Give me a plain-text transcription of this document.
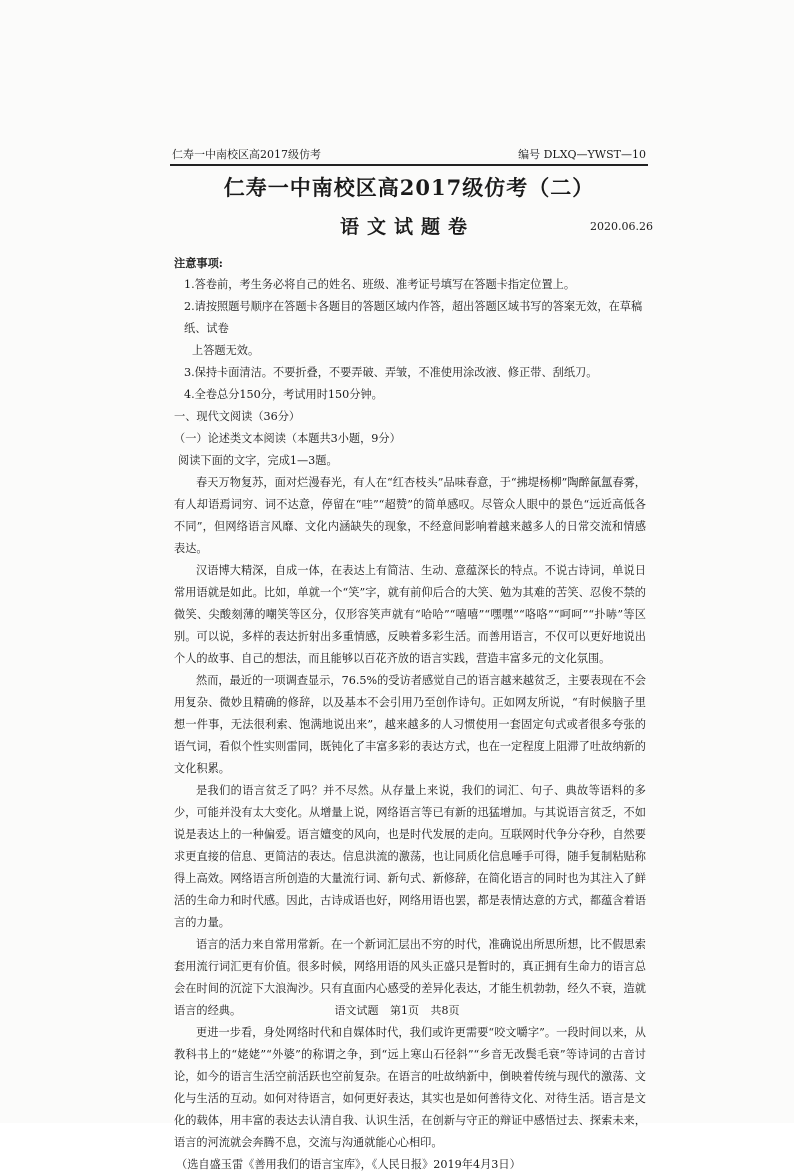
仁寿一中南校区高2017级仿考	编号 DLXQ—YWST—10
仁寿一中南校区高2017级仿考（二）
语文试题卷	2020.06.26

注意事项:

1.答卷前，考生务必将自己的姓名、班级、准考证号填写在答题卡指定位置上。

2.请按照题号顺序在答题卡各题目的答题区域内作答，超出答题区域书写的答案无效，在草稿纸、试卷

上答题无效。

3.保持卡面清洁。不要折叠，不要弄破、弄皱，不准使用涂改液、修正带、刮纸刀。

4.全卷总分150分，考试用时150分钟。

一、现代文阅读（36分）

（一）论述类文本阅读（本题共3小题，9分）

阅读下面的文字，完成1—3题。

春天万物复苏，面对烂漫春光，有人在“红杏枝头”品味春意，于“拂堤杨柳”陶醉氤氲春雾，有人却语焉词穷、词不达意，停留在“哇”“超赞”的简单感叹。尽管众人眼中的景色“远近高低各不同”，但网络语言风靡、文化内涵缺失的现象，不经意间影响着越来越多人的日常交流和情感表达。

汉语博大精深，自成一体，在表达上有简洁、生动、意蕴深长的特点。不说古诗词，单说日常用语就是如此。比如，单就一个“笑”字，就有前仰后合的大笑、勉为其难的苦笑、忍俊不禁的微笑、尖酸刻薄的嘲笑等区分，仅形容笑声就有“哈哈”“嘻嘻”“嘿嘿”“咯咯”“呵呵”“扑哧”等区别。可以说，多样的表达折射出多重情感，反映着多彩生活。而善用语言，不仅可以更好地说出个人的故事、自己的想法，而且能够以百花齐放的语言实践，营造丰富多元的文化氛围。

然而，最近的一项调查显示，76.5%的受访者感觉自己的语言越来越贫乏，主要表现在不会用复杂、微妙且精确的修辞，以及基本不会引用乃至创作诗句。正如网友所说，“有时候脑子里想一件事，无法很利索、饱满地说出来”，越来越多的人习惯使用一套固定句式或者很多夸张的语气词，看似个性实则雷同，既钝化了丰富多彩的表达方式，也在一定程度上阻滞了吐故纳新的文化积累。

是我们的语言贫乏了吗？并不尽然。从存量上来说，我们的词汇、句子、典故等语料的多少，可能并没有太大变化。从增量上说，网络语言等已有新的迅猛增加。与其说语言贫乏，不如说是表达上的一种偏爱。语言嬗变的风向，也是时代发展的走向。互联网时代争分夺秒，自然要求更直接的信息、更简洁的表达。信息洪流的激荡，也让同质化信息唾手可得，随手复制粘贴称得上高效。网络语言所创造的大量流行词、新句式、新修辞，在简化语言的同时也为其注入了鲜活的生命力和时代感。因此，古诗成语也好，网络用语也罢，都是表情达意的方式，都蕴含着语言的力量。

语言的活力来自常用常新。在一个新词汇层出不穷的时代，准确说出所思所想，比不假思索套用流行词汇更有价值。很多时候，网络用语的风头正盛只是暂时的，真正拥有生命力的语言总会在时间的沉淀下大浪淘沙。只有直面内心感受的差异化表达，才能生机勃勃，经久不衰，造就语言的经典。

更进一步看，身处网络时代和自媒体时代，我们或许更需要“咬文嚼字”。一段时间以来，从教科书上的“姥姥”“外婆”的称谓之争，到“远上寒山石径斜”“乡音无改鬓毛衰”等诗词的古音讨论，如今的语言生活空前活跃也空前复杂。在语言的吐故纳新中，倒映着传统与现代的激荡、文化与生活的互动。如何对待语言，如何更好表达，其实也是如何善待文化、对待生活。语言是文化的载体，用丰富的表达去认清自我、认识生活，在创新与守正的辩证中感悟过去、探索未来，语言的河流就会奔腾不息，交流与沟通就能心心相印。

（选自盛玉雷《善用我们的语言宝库》，《人民日报》2019年4月3日）

语文试题 第1页 共8页
